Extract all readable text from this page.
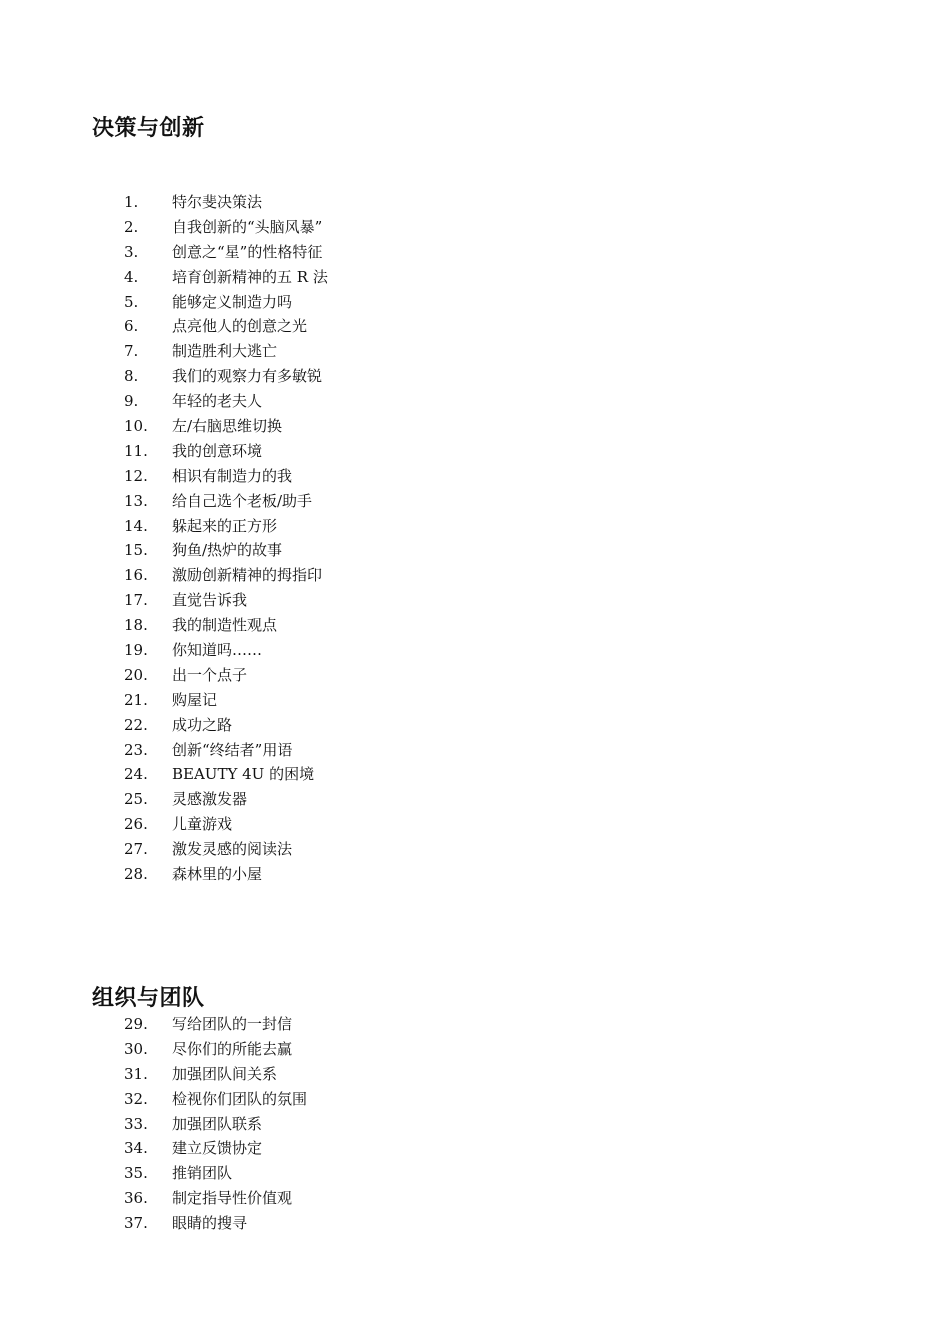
决策与创新
1. 特尔斐决策法
2. 自我创新的“头脑风暴”
3. 创意之“星”的性格特征
4. 培育创新精神的五 R 法
5. 能够定义制造力吗
6. 点亮他人的创意之光
7. 制造胜利大逃亡
8. 我们的观察力有多敏锐
9. 年轻的老夫人
10. 左/右脑思维切换
11. 我的创意环境
12. 相识有制造力的我
13. 给自己选个老板/助手
14. 躲起来的正方形
15. 狗鱼/热炉的故事
16. 激励创新精神的拇指印
17. 直觉告诉我
18. 我的制造性观点
19. 你知道吗……
20. 出一个点子
21. 购屋记
22. 成功之路
23. 创新“终结者”用语
24. BEAUTY 4U 的困境
25. 灵感激发器
26. 儿童游戏
27. 激发灵感的阅读法
28. 森林里的小屋
组织与团队
29. 写给团队的一封信
30. 尽你们的所能去赢
31. 加强团队间关系
32. 检视你们团队的氛围
33. 加强团队联系
34. 建立反馈协定
35. 推销团队
36. 制定指导性价值观
37. 眼睛的搜寻
